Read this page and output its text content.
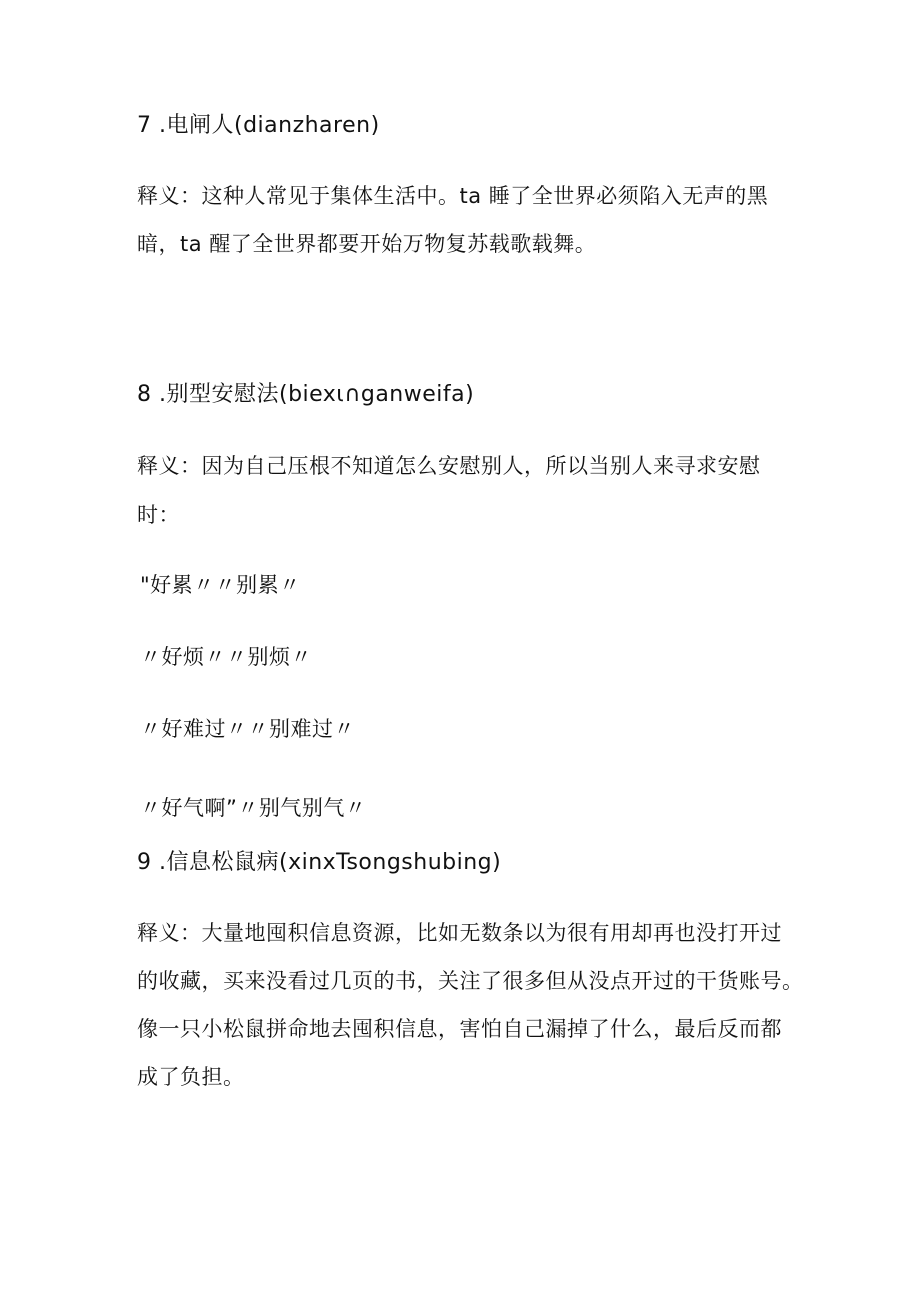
7 .电闸人(dianzharen)
释义：这种人常见于集体生活中。ta 睡了全世界必须陷入无声的黑
暗，ta 醒了全世界都要开始万物复苏载歌载舞。
8 .别型安慰法(biexι∩ganweifa)
释义：因为自己压根不知道怎么安慰别人，所以当别人来寻求安慰
时：
"好累〃〃别累〃
〃好烦〃〃别烦〃
〃好难过〃〃别难过〃
〃好气啊”〃别气别气〃
9 .信息松鼠病(xinxTsongshubing)
释义：大量地囤积信息资源，比如无数条以为很有用却再也没打开过
的收藏，买来没看过几页的书，关注了很多但从没点开过的干货账号。
像一只小松鼠拼命地去囤积信息，害怕自己漏掉了什么，最后反而都
成了负担。
